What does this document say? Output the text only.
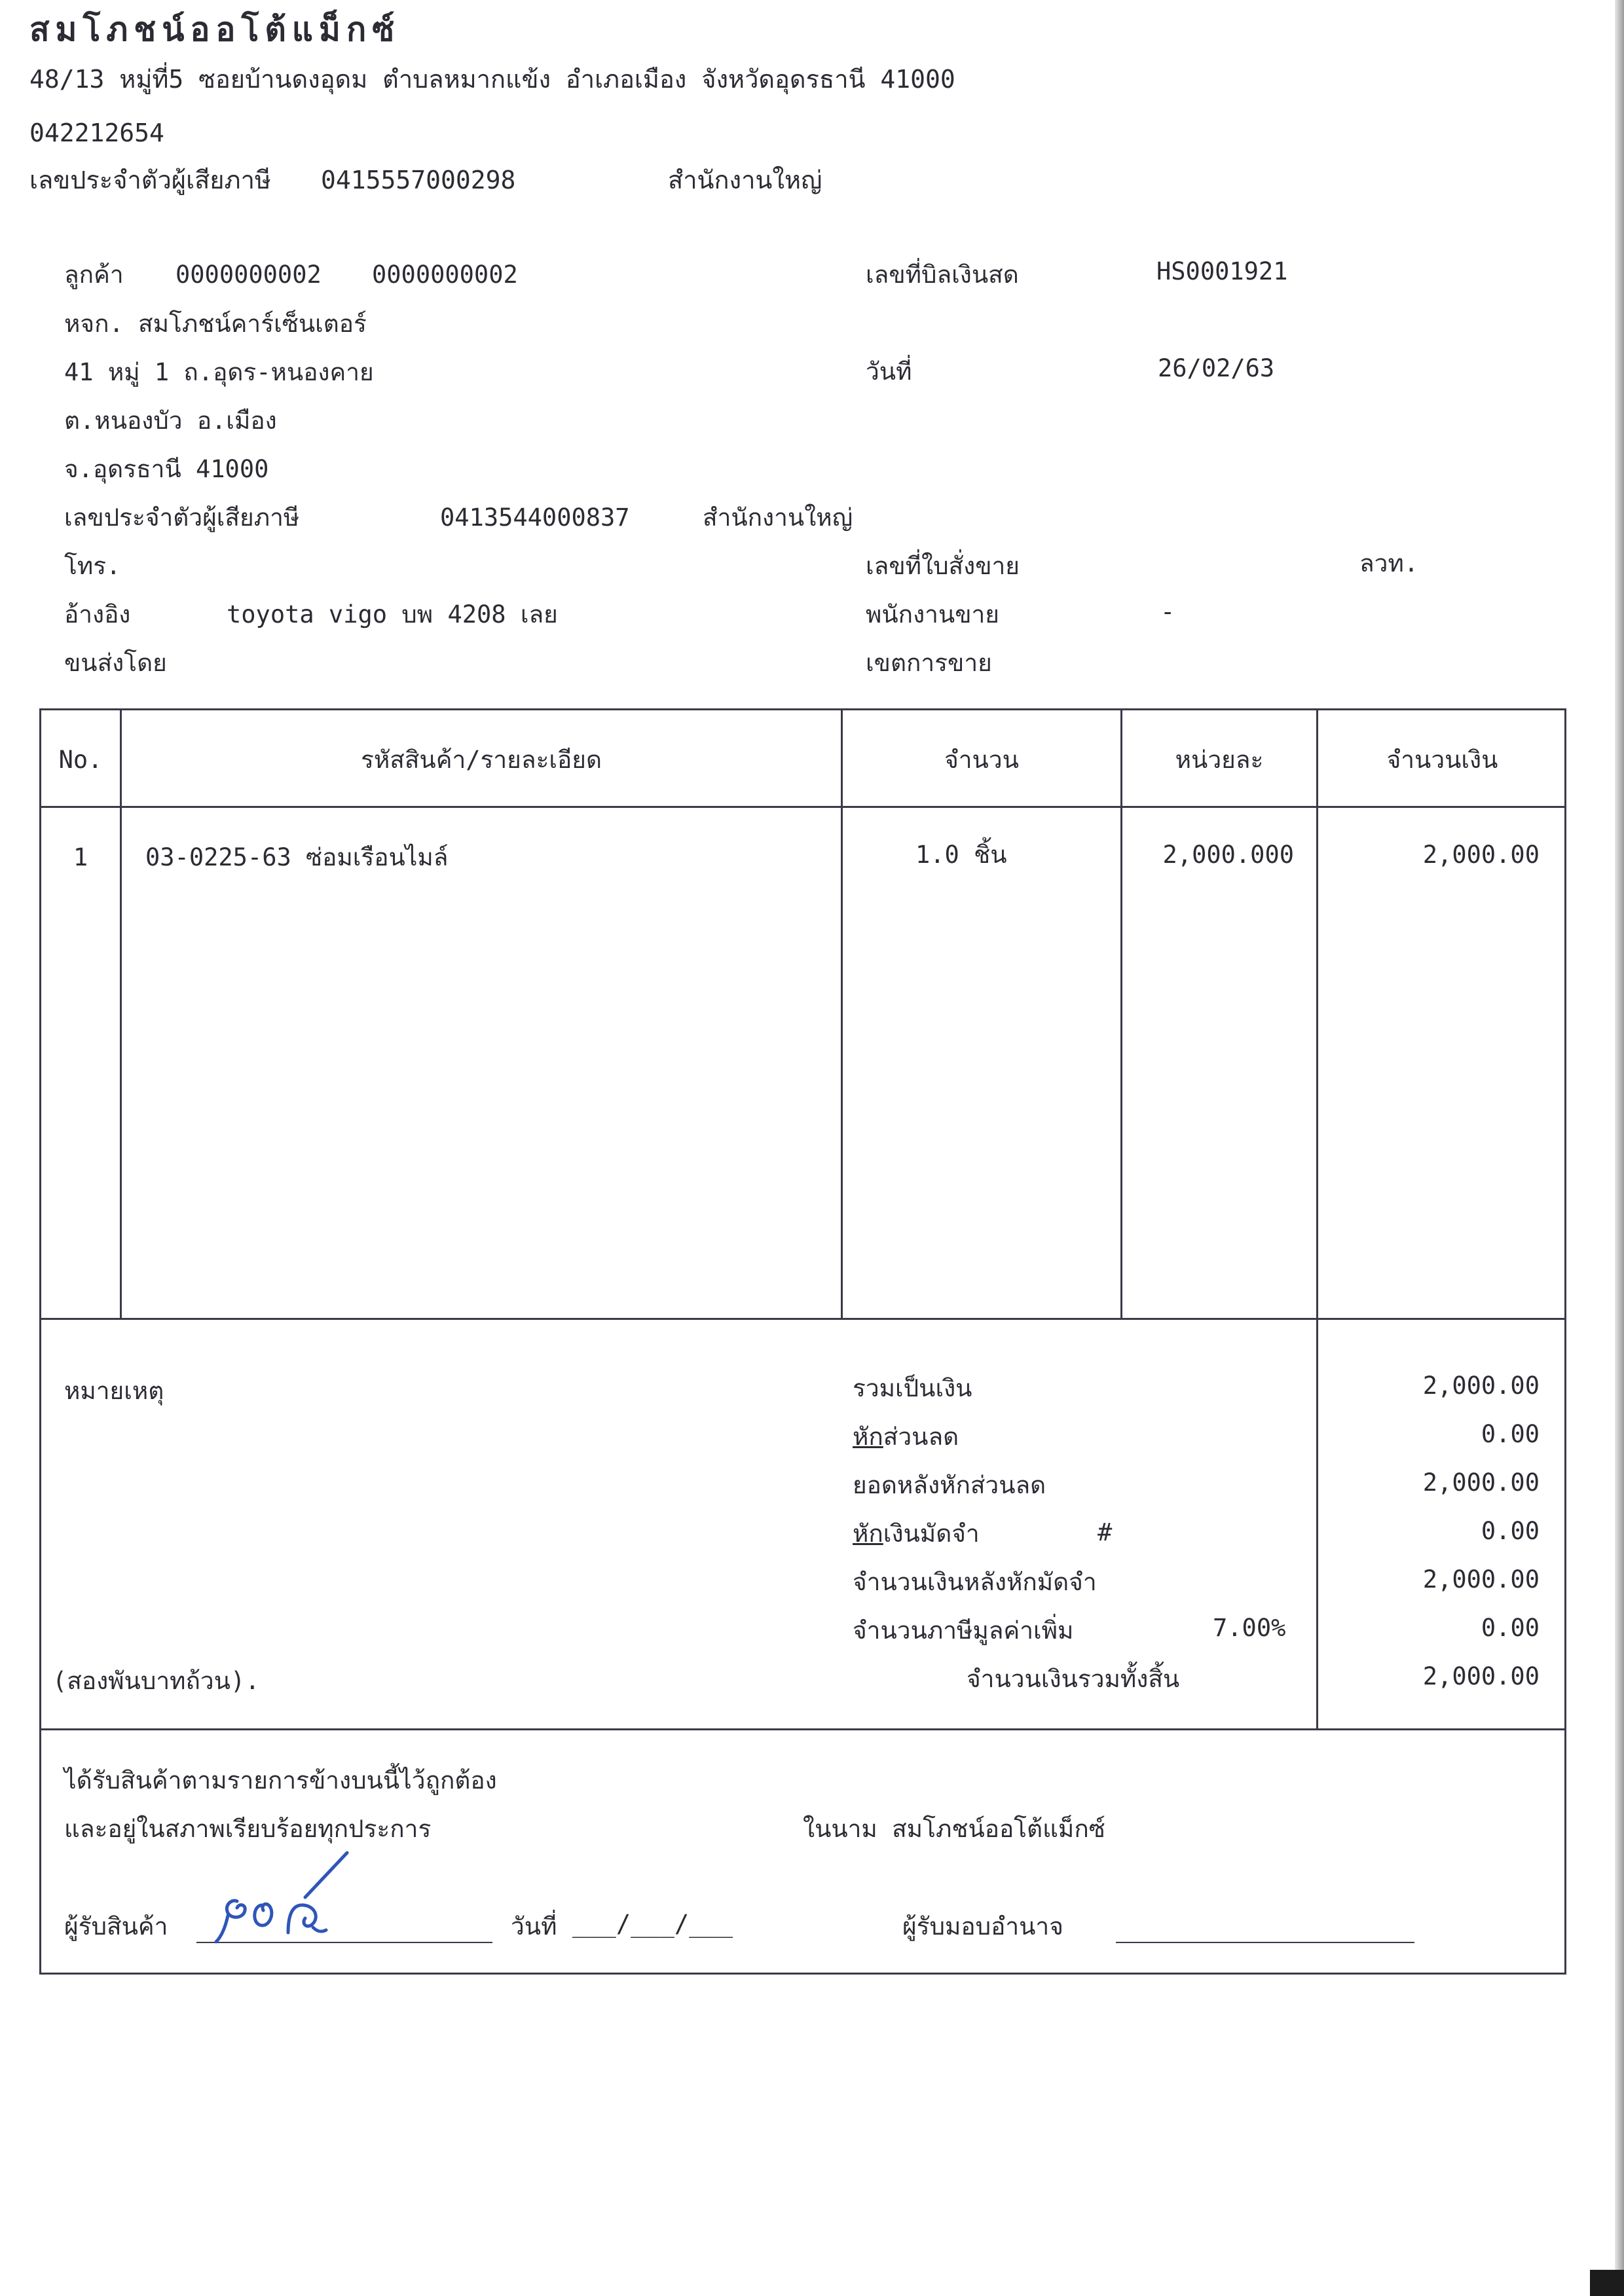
สมโภชน์ออโต้แม็กซ์
48/13 หมู่ที่5 ซอยบ้านดงอุดม ตำบลหมากแข้ง อำเภอเมือง จังหวัดอุดรธานี 41000
042212654
เลขประจำตัวผู้เสียภาษี 0415557000298	สำนักงานใหญ่
ลูกค้า 0000000002 0000000002
หจก. สมโภชน์คาร์เซ็นเตอร์
41 หมู่ 1 ถ.อุดร-หนองคาย
ต.หนองบัว อ.เมือง
จ.อุดรธานี 41000
เลขประจำตัวผู้เสียภาษี	0413544000837	สำนักงานใหญ่
โทร.
อ้างอิง	toyota vigo บพ 4208 เลย
ขนส่งโดย
เลขที่บิลเงินสด	HS0001921
วันที่	26/02/63
เลขที่ใบสั่งขาย	ลวท.
พนักงานขาย	-
เขตการขาย
No.	รหัสสินค้า/รายละเอียด	จำนวน	หน่วยละ	จำนวนเงิน
1	03-0225-63 ซ่อมเรือนไมล์	1.0 ชิ้น	2,000.000	2,000.00
หมายเหตุ
(สองพันบาทถ้วน).
รวมเป็นเงิน	2,000.00
หักส่วนลด	0.00
ยอดหลังหักส่วนลด	2,000.00
หักเงินมัดจำ	#	0.00
จำนวนเงินหลังหักมัดจำ	2,000.00
จำนวนภาษีมูลค่าเพิ่ม	7.00%	0.00
จำนวนเงินรวมทั้งสิ้น	2,000.00
ได้รับสินค้าตามรายการข้างบนนี้ไว้ถูกต้อง
และอยู่ในสภาพเรียบร้อยทุกประการ	ในนาม สมโภชน์ออโต้แม็กซ์
ผู้รับสินค้า	วันที่ ___/___/___	ผู้รับมอบอำนาจ
